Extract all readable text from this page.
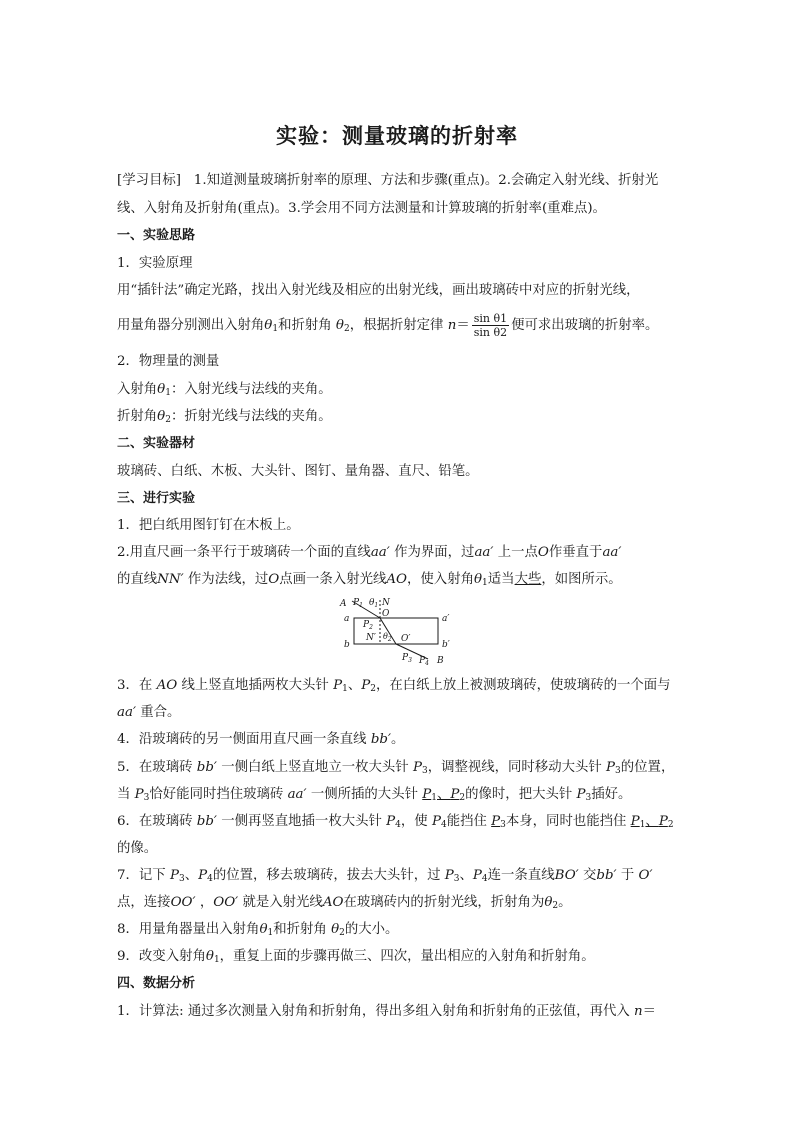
实验：测量玻璃的折射率
[学习目标] 1.知道测量玻璃折射率的原理、方法和步骤(重点)。2.会确定入射光线、折射光
线、入射角及折射角(重点)。3.学会用不同方法测量和计算玻璃的折射率(重难点)。
一、实验思路
1．实验原理
用“插针法”确定光路，找出入射光线及相应的出射光线，画出玻璃砖中对应的折射光线，
用量角器分别测出入射角$\theta_1$和折射角 $\theta_2$，根据折射定律 $n= \frac{\text{sin θ1}}{\text{sin θ2}}$ 便可求出玻璃的折射率。
2．物理量的测量
入射角$\theta_1$：入射光线与法线的夹角。
折射角$\theta_2$：折射光线与法线的夹角。
二、实验器材
玻璃砖、白纸、木板、大头针、图钉、量角器、直尺、铅笔。
三、进行实验
1．把白纸用图钉钉在木板上。
2.用直尺画一条平行于玻璃砖一个面的直线aa′ 作为界面，过aa′ 上一点O作垂直于aa′
的直线NN′ 作为法线，过O点画一条入射光线AO，使入射角$\theta_1$适当大些，如图所示。
A $P_1$ $\theta_1$ N
O
a	a′
$P_2$
N′ $\theta_2$ O′
b	b′
$P_3$ $P_4$ B
3．在 AO 线上竖直地插两枚大头针 $P_1$、$P_2$，在白纸上放上被测玻璃砖，使玻璃砖的一个面与
aa′ 重合。
4．沿玻璃砖的另一侧面用直尺画一条直线 bb′。
5．在玻璃砖 bb′ 一侧白纸上竖直地立一枚大头针 $P_3$，调整视线，同时移动大头针 $P_3$的位置，
当 $P_3$恰好能同时挡住玻璃砖 aa′ 一侧所插的大头针 $P_1$、$P_2$的像时，把大头针 $P_3$插好。
6．在玻璃砖 bb′ 一侧再竖直地插一枚大头针 $P_4$，使 $P_4$能挡住 $P_3$本身，同时也能挡住 $P_1$、$P_2$
的像。
7．记下 $P_3$、$P_4$的位置，移去玻璃砖，拔去大头针，过 $P_3$、$P_4$连一条直线BO′ 交bb′ 于 O′
点，连接OO′ ，OO′ 就是入射光线AO在玻璃砖内的折射光线，折射角为$\theta_2$。
8．用量角器量出入射角$\theta_1$和折射角 $\theta_2$的大小。
9．改变入射角$\theta_1$，重复上面的步骤再做三、四次，量出相应的入射角和折射角。
四、数据分析
1．计算法: 通过多次测量入射角和折射角，得出多组入射角和折射角的正弦值，再代入 n＝
